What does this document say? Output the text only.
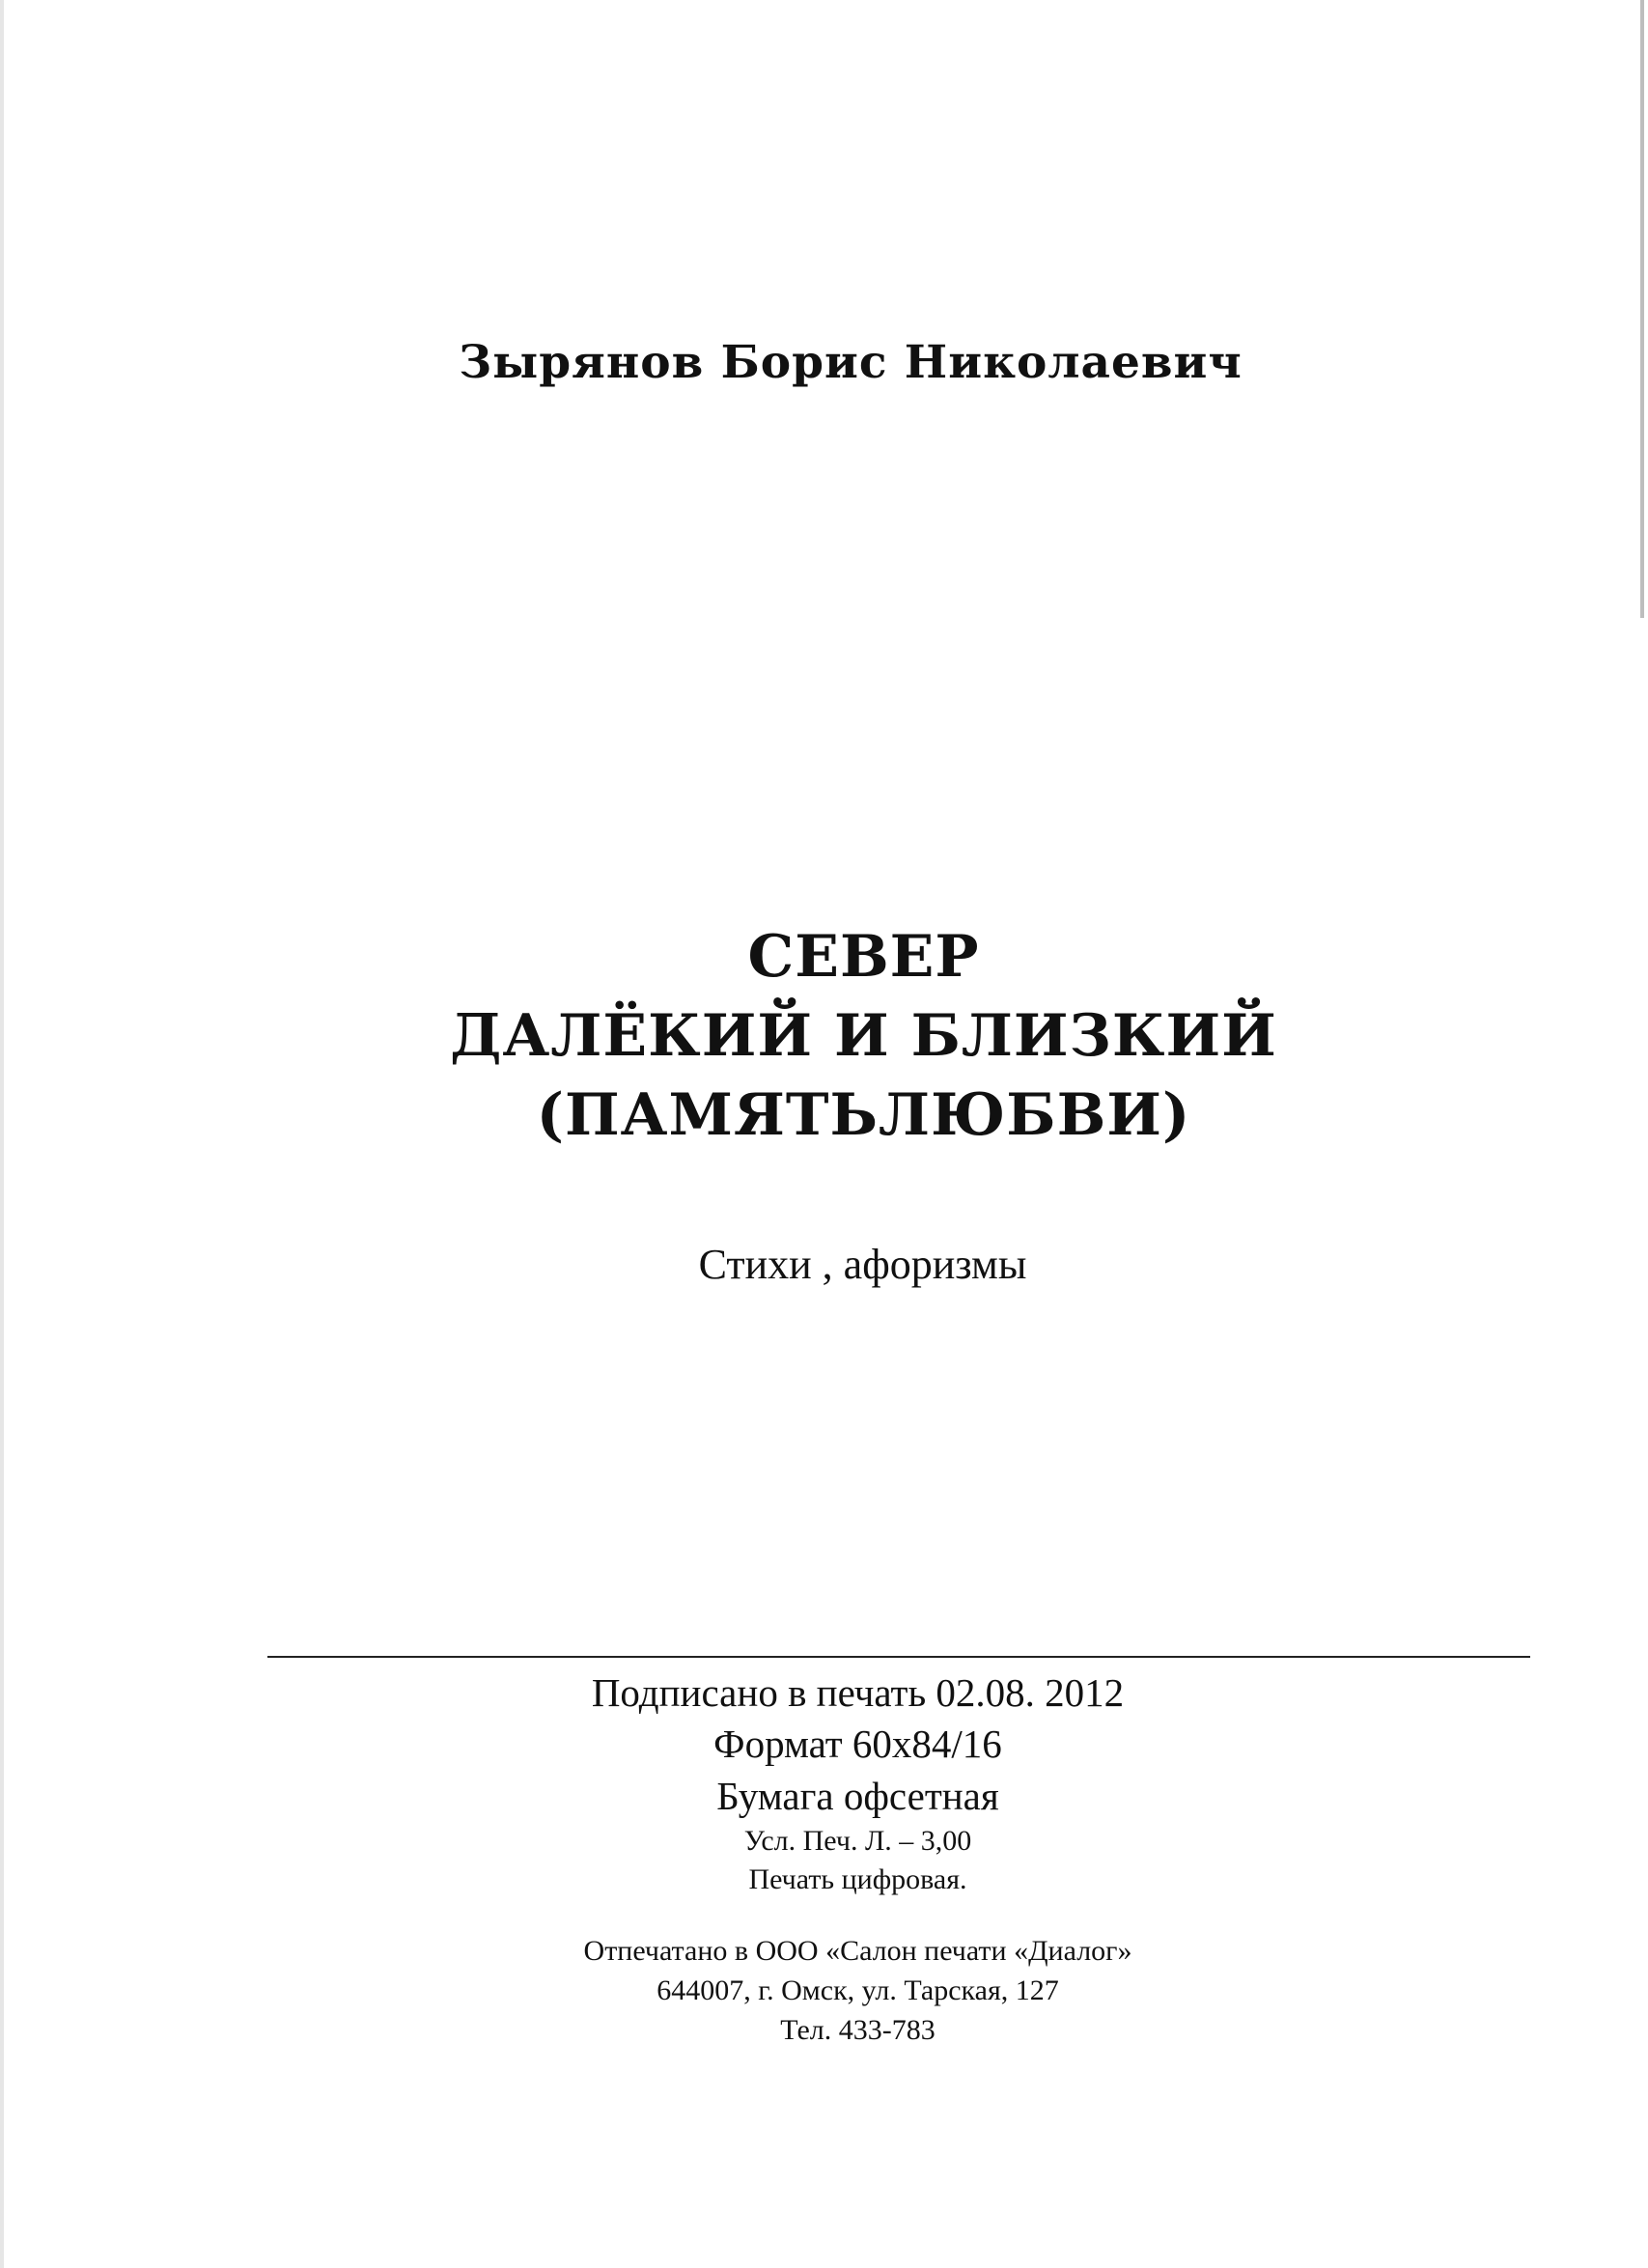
Зырянов Борис Николаевич
СЕВЕР
ДАЛЁКИЙ И БЛИЗКИЙ
(ПАМЯТЬЛЮБВИ)
Стихи , афоризмы
Подписано в печать 02.08. 2012
Формат 60x84/16
Бумага офсетная
Усл. Печ. Л. – 3,00
Печать цифровая.
Отпечатано в ООО «Салон печати «Диалог»
644007, г. Омск, ул. Тарская, 127
Тел. 433-783
